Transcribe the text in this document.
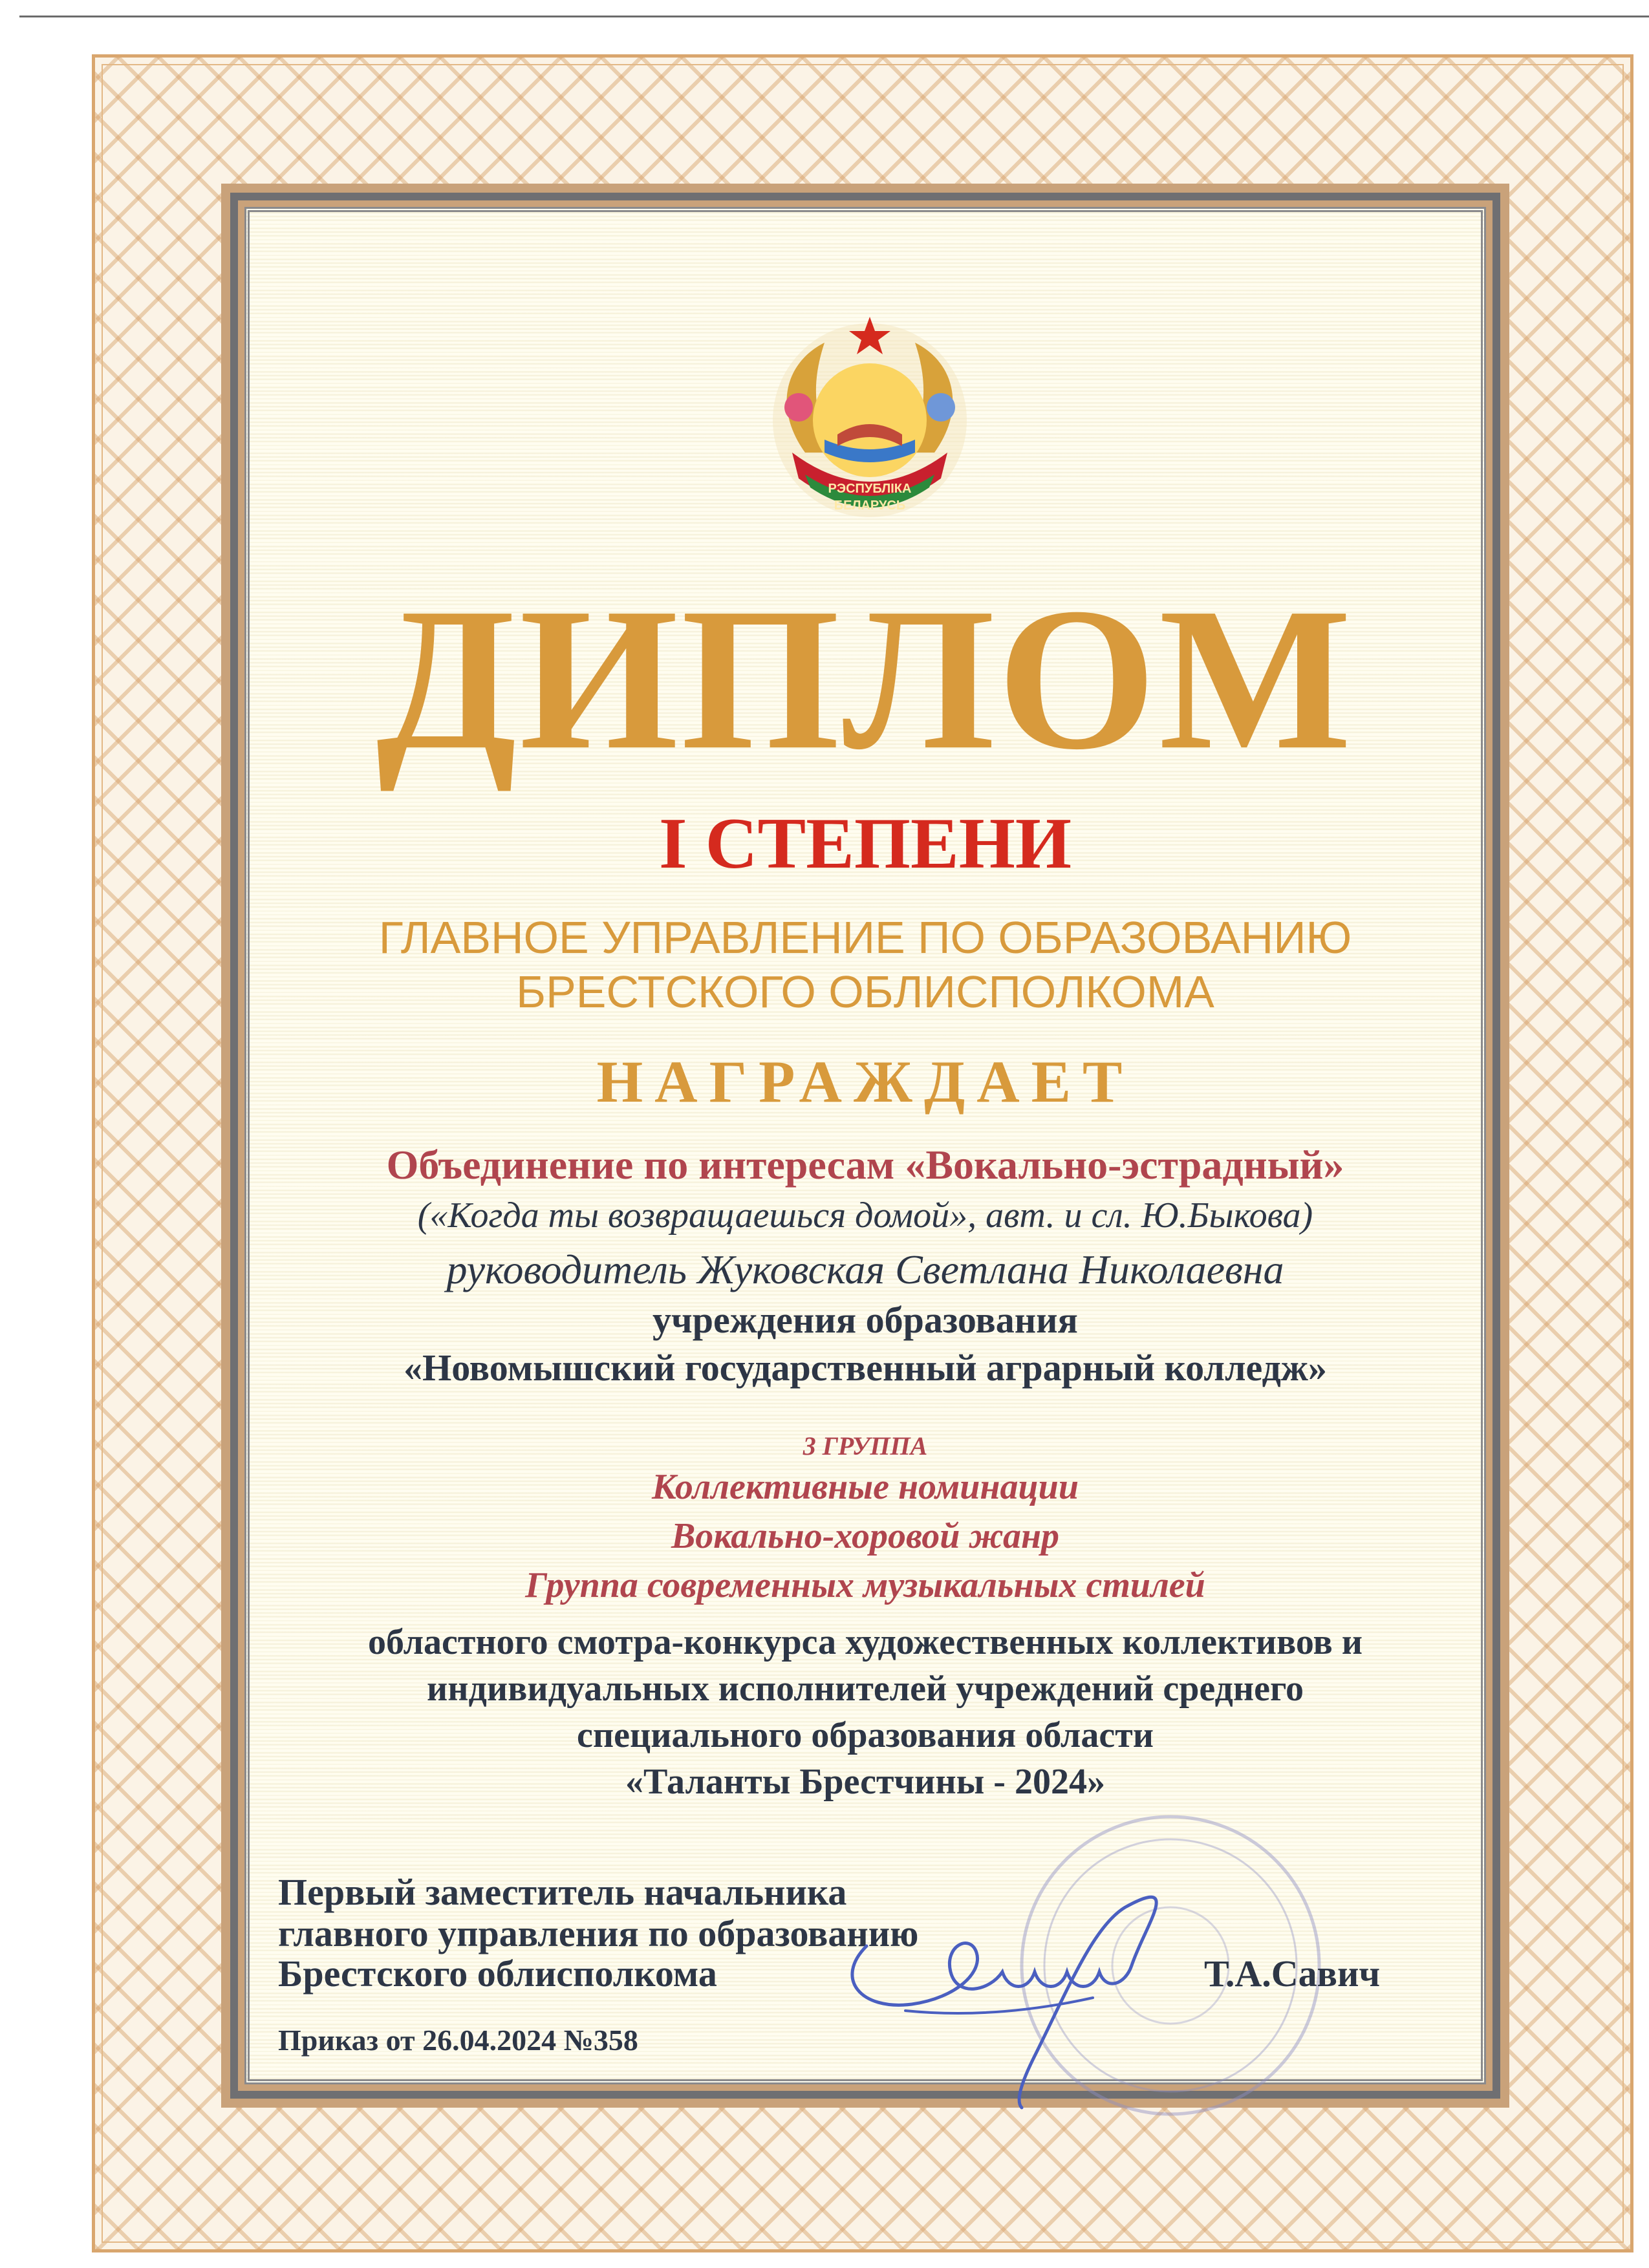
РЭСПУБЛІКА
БЕЛАРУСЬ

ДИПЛОМ

I СТЕПЕНИ

ГЛАВНОЕ УПРАВЛЕНИЕ ПО ОБРАЗОВАНИЮ

БРЕСТСКОГО ОБЛИСПОЛКОМА

НАГРАЖДАЕТ

Объединение по интересам «Вокально-эстрадный»

(«Когда ты возвращаешься домой», авт. и сл. Ю.Быкова)

руководитель Жуковская Светлана Николаевна

учреждения образования

«Новомышский государственный аграрный колледж»

3 ГРУППА

Коллективные номинации

Вокально-хоровой жанр

Группа современных музыкальных стилей

областного смотра-конкурса художественных коллективов и

индивидуальных исполнителей учреждений среднего

специального образования области

«Таланты Брестчины - 2024»

Первый заместитель начальника

главного управления по образованию

Брестского облисполкома	Т.А.Савич

Приказ от 26.04.2024 №358
